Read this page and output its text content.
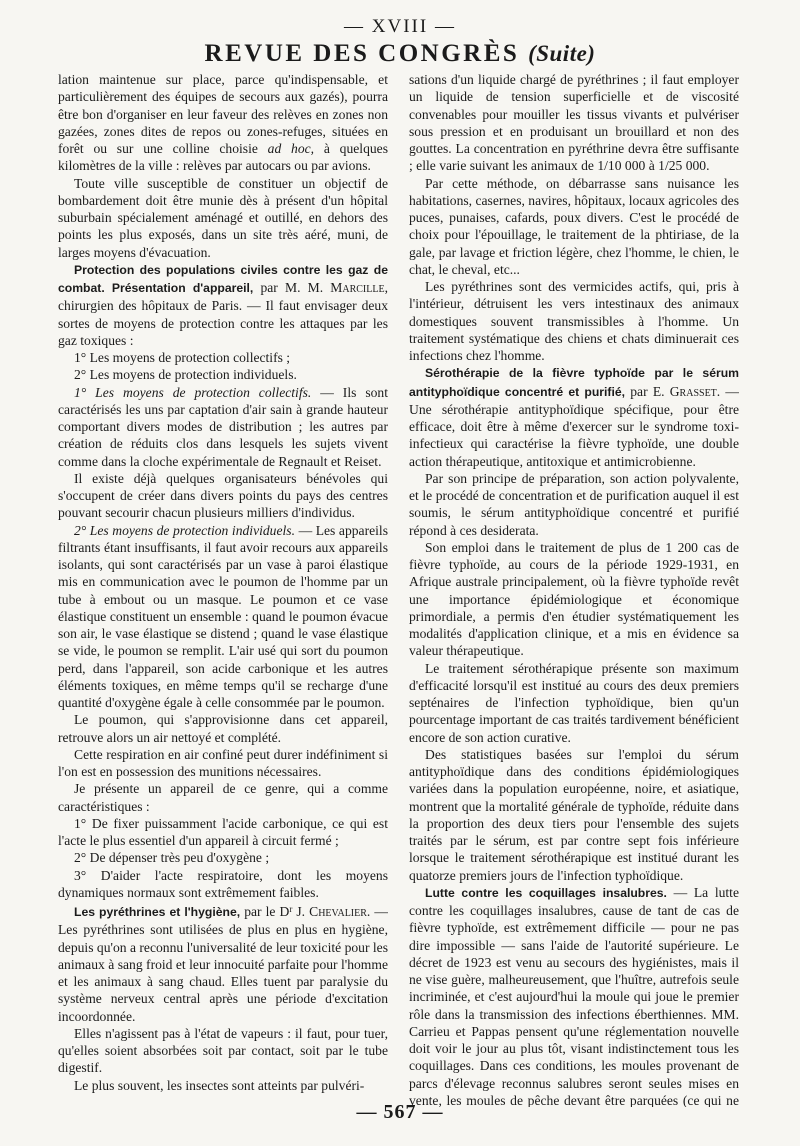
— XVIII —
REVUE DES CONGRÈS (Suite)

lation maintenue sur place, parce qu'indispensable, et particulièrement des équipes de secours aux gazés), pourra être bon d'organiser en leur faveur des relèves en zones non gazées, zones dites de repos ou zones-refuges, situées en forêt ou sur une colline choisie ad hoc, à quelques kilomètres de la ville : relèves par autocars ou par avions.

Toute ville susceptible de constituer un objectif de bombardement doit être munie dès à présent d'un hôpital suburbain spécialement aménagé et outillé, en dehors des points les plus exposés, dans un site très aéré, muni, de larges moyens d'évacuation.

Protection des populations civiles contre les gaz de combat. Présentation d'appareil, par M. M. Marcille, chirurgien des hôpitaux de Paris. — Il faut envisager deux sortes de moyens de protection contre les attaques par les gaz toxiques :

1° Les moyens de protection collectifs ;

2° Les moyens de protection individuels.

1° Les moyens de protection collectifs. — Ils sont caractérisés les uns par captation d'air sain à grande hauteur comportant divers modes de distribution ; les autres par création de réduits clos dans lesquels les sujets vivent comme dans la cloche expérimentale de Regnault et Reiset.

Il existe déjà quelques organisateurs bénévoles qui s'occupent de créer dans divers points du pays des centres pouvant secourir chacun plusieurs milliers d'individus.

2° Les moyens de protection individuels. — Les appareils filtrants étant insuffisants, il faut avoir recours aux appareils isolants, qui sont caractérisés par un vase à paroi élastique mis en communication avec le poumon de l'homme par un tube à embout ou un masque. Le poumon et ce vase élastique constituent un ensemble : quand le poumon évacue son air, le vase élastique se distend ; quand le vase élastique se vide, le poumon se remplit. L'air usé qui sort du poumon perd, dans l'appareil, son acide carbonique et les autres éléments toxiques, en même temps qu'il se recharge d'une quantité d'oxygène égale à celle consommée par le poumon.

Le poumon, qui s'approvisionne dans cet appareil, retrouve alors un air nettoyé et complété.

Cette respiration en air confiné peut durer indéfiniment si l'on est en possession des munitions nécessaires.

Je présente un appareil de ce genre, qui a comme caractéristiques :

1° De fixer puissamment l'acide carbonique, ce qui est l'acte le plus essentiel d'un appareil à circuit fermé ;

2° De dépenser très peu d'oxygène ;

3° D'aider l'acte respiratoire, dont les moyens dynamiques normaux sont extrêmement faibles.

Les pyréthrines et l'hygiène, par le $D^r$ J. Chevalier. — Les pyréthrines sont utilisées de plus en plus en hygiène, depuis qu'on a reconnu l'universalité de leur toxicité pour les animaux à sang froid et leur innocuité parfaite pour l'homme et les animaux à sang chaud. Elles tuent par paralysie du système nerveux central après une période d'excitation incoordonnée.

Elles n'agissent pas à l'état de vapeurs : il faut, pour tuer, qu'elles soient absorbées soit par contact, soit par le tube digestif.

Le plus souvent, les insectes sont atteints par pulvéri-

sations d'un liquide chargé de pyréthrines ; il faut employer un liquide de tension superficielle et de viscosité convenables pour mouiller les tissus vivants et pulvériser sous pression et en produisant un brouillard et non des gouttes. La concentration en pyréthrine devra être suffisante ; elle varie suivant les animaux de 1/10 000 à 1/25 000.

Par cette méthode, on débarrasse sans nuisance les habitations, casernes, navires, hôpitaux, locaux agricoles des puces, punaises, cafards, poux divers. C'est le procédé de choix pour l'épouillage, le traitement de la phtiriase, de la gale, par lavage et friction légère, chez l'homme, le chien, le chat, le cheval, etc...

Les pyréthrines sont des vermicides actifs, qui, pris à l'intérieur, détruisent les vers intestinaux des animaux domestiques souvent transmissibles à l'homme. Un traitement systématique des chiens et chats diminuerait ces infections chez l'homme.

Sérothérapie de la fièvre typhoïde par le sérum antityphoïdique concentré et purifié, par E. Grasset. — Une sérothérapie antityphoïdique spécifique, pour être efficace, doit être à même d'exercer sur le syndrome toxi-infectieux qui caractérise la fièvre typhoïde, une double action thérapeutique, antitoxique et antimicrobienne.

Par son principe de préparation, son action polyvalente, et le procédé de concentration et de purification auquel il est soumis, le sérum antityphoïdique concentré et purifié répond à ces desiderata.

Son emploi dans le traitement de plus de 1 200 cas de fièvre typhoïde, au cours de la période 1929-1931, en Afrique australe principalement, où la fièvre typhoïde revêt une importance épidémiologique et économique primordiale, a permis d'en étudier systématiquement les modalités d'application clinique, et a mis en évidence sa valeur thérapeutique.

Le traitement sérothérapique présente son maximum d'efficacité lorsqu'il est institué au cours des deux premiers septénaires de l'infection typhoïdique, bien qu'un pourcentage important de cas traités tardivement bénéficient encore de son action curative.

Des statistiques basées sur l'emploi du sérum antityphoïdique dans des conditions épidémiologiques variées dans la population européenne, noire, et asiatique, montrent que la mortalité générale de typhoïde, réduite dans la proportion des deux tiers pour l'ensemble des sujets traités par le sérum, est par contre sept fois inférieure lorsque le traitement sérothérapique est institué durant les quatorze premiers jours de l'infection typhoïdique.

Lutte contre les coquillages insalubres. — La lutte contre les coquillages insalubres, cause de tant de cas de fièvre typhoïde, est extrêmement difficile — pour ne pas dire impossible — sans l'aide de l'autorité supérieure. Le décret de 1923 est venu au secours des hygiénistes, mais il ne vise guère, malheureusement, que l'huître, autrefois seule incriminée, et c'est aujourd'hui la moule qui joue le premier rôle dans la transmission des infections éberthiennes. MM. Carrieu et Pappas pensent qu'une réglementation nouvelle doit voir le jour au plus tôt, visant indistinctement tous les coquillages. Dans ces conditions, les moules provenant de parcs d'élevage reconnus salubres seront seules mises en vente, les moules de pêche devant être parquées (ce qui ne

— 567 —
